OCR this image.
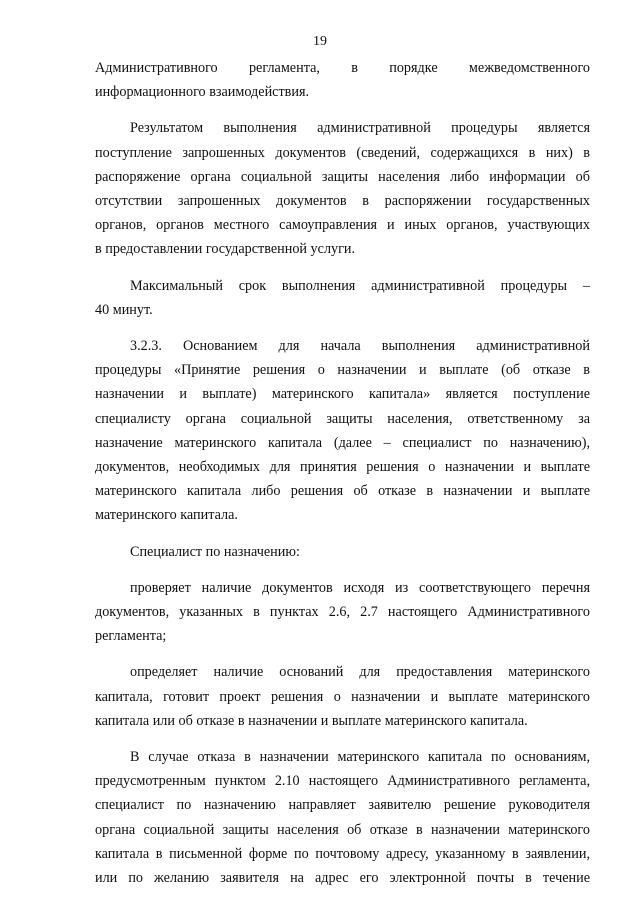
19
Административного регламента, в порядке межведомственного
информационного взаимодействия.
Результатом выполнения административной процедуры является
поступление запрошенных документов (сведений, содержащихся в них) в
распоряжение органа социальной защиты населения либо информации об
отсутствии запрошенных документов в распоряжении государственных
органов, органов местного самоуправления и иных органов, участвующих
в предоставлении государственной услуги.
Максимальный срок выполнения административной процедуры –
40 минут.
3.2.3. Основанием для начала выполнения административной
процедуры «Принятие решения о назначении и выплате (об отказе в
назначении и выплате) материнского капитала» является поступление
специалисту органа социальной защиты населения, ответственному за
назначение материнского капитала (далее – специалист по назначению),
документов, необходимых для принятия решения о назначении и выплате
материнского капитала либо решения об отказе в назначении и выплате
материнского капитала.
Специалист по назначению:
проверяет наличие документов исходя из соответствующего перечня
документов, указанных в пунктах 2.6, 2.7 настоящего Административного
регламента;
определяет наличие оснований для предоставления материнского
капитала, готовит проект решения о назначении и выплате материнского
капитала или об отказе в назначении и выплате материнского капитала.
В случае отказа в назначении материнского капитала по основаниям,
предусмотренным пунктом 2.10 настоящего Административного регламента,
специалист по назначению направляет заявителю решение руководителя
органа социальной защиты населения об отказе в назначении материнского
капитала в письменной форме по почтовому адресу, указанному в заявлении,
или по желанию заявителя на адрес его электронной почты в течение
